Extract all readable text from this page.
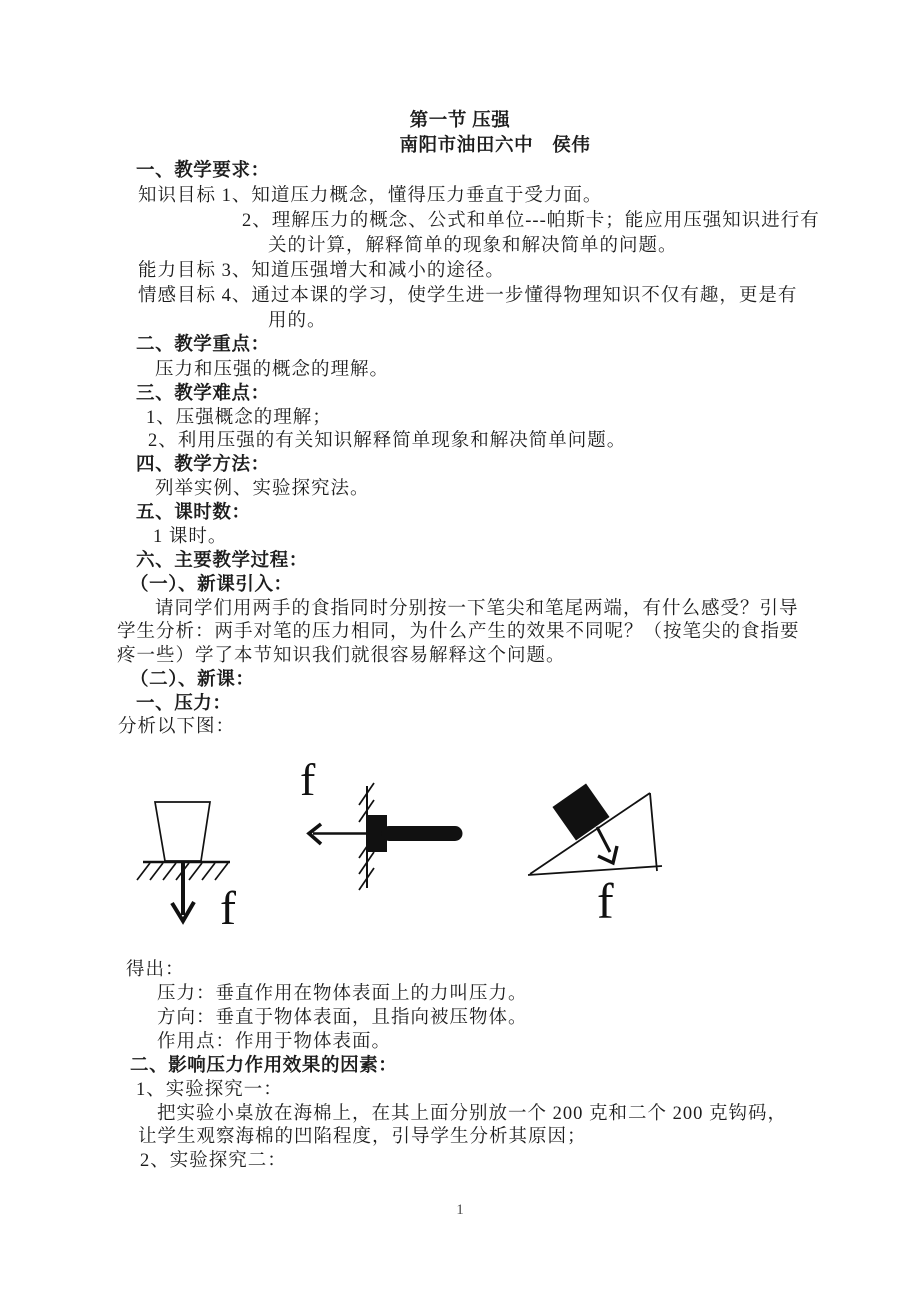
第一节 压强
南阳市油田六中　侯伟
一、教学要求：
知识目标 1、知道压力概念，懂得压力垂直于受力面。
2、理解压力的概念、公式和单位---帕斯卡；能应用压强知识进行有
关的计算，解释简单的现象和解决简单的问题。
能力目标 3、知道压强增大和减小的途径。
情感目标 4、通过本课的学习，使学生进一步懂得物理知识不仅有趣，更是有
用的。
二、教学重点：
压力和压强的概念的理解。
三、教学难点：
1、压强概念的理解；
2、利用压强的有关知识解释简单现象和解决简单问题。
四、教学方法：
列举实例、实验探究法。
五、课时数：
1 课时。
六、主要教学过程：
（一）、新课引入：
请同学们用两手的食指同时分别按一下笔尖和笔尾两端，有什么感受？引导
学生分析：两手对笔的压力相同，为什么产生的效果不同呢？（按笔尖的食指要
疼一些）学了本节知识我们就很容易解释这个问题。
（二）、新课：
一、压力：
分析以下图：
f
f
f
得出：
压力：垂直作用在物体表面上的力叫压力。
方向：垂直于物体表面，且指向被压物体。
作用点：作用于物体表面。
二、影响压力作用效果的因素：
1、实验探究一：
把实验小桌放在海棉上，在其上面分别放一个 200 克和二个 200 克钩码，
让学生观察海棉的凹陷程度，引导学生分析其原因；
2、实验探究二：
1
